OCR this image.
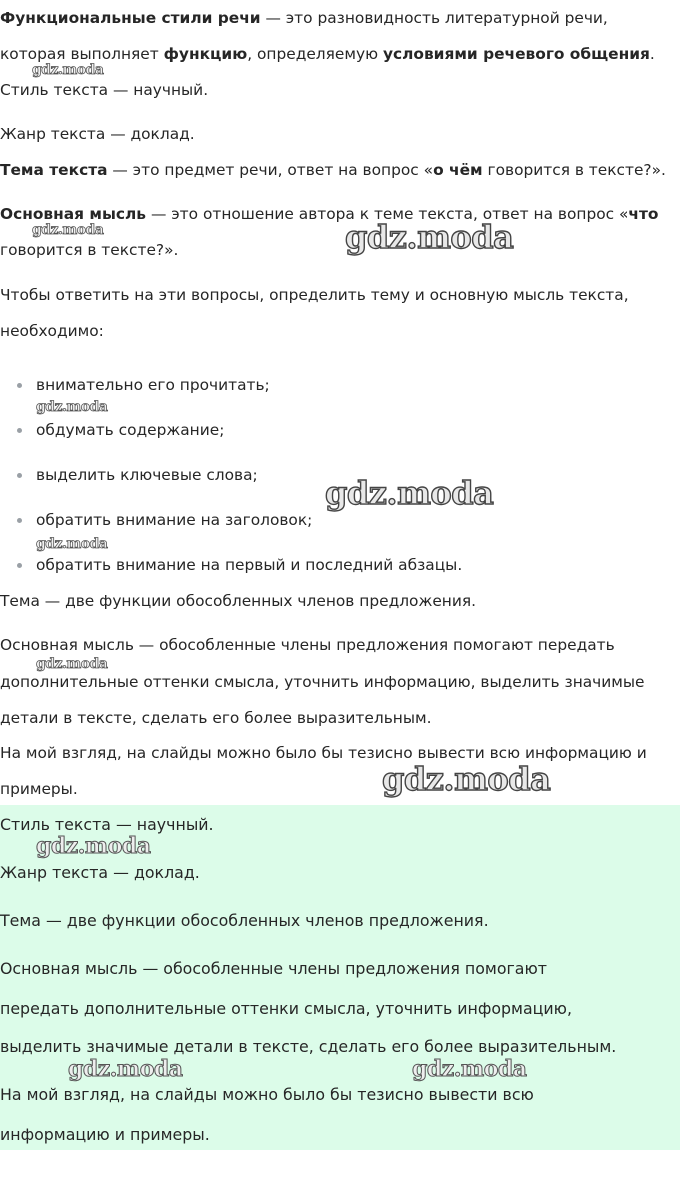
Функциональные стили речи — это разновидность литературной речи,
которая выполняет функцию, определяемую условиями речевого общения.
Стиль текста — научный.
Жанр текста — доклад.
Тема текста — это предмет речи, ответ на вопрос «о чём говорится в тексте?».
Основная мысль — это отношение автора к теме текста, ответ на вопрос «что
говорится в тексте?».
Чтобы ответить на эти вопросы, определить тему и основную мысль текста,
необходимо:
внимательно его прочитать;
обдумать содержание;
выделить ключевые слова;
обратить внимание на заголовок;
обратить внимание на первый и последний абзацы.
Тема — две функции обособленных членов предложения.
Основная мысль — обособленные члены предложения помогают передать
дополнительные оттенки смысла, уточнить информацию, выделить значимые
детали в тексте, сделать его более выразительным.
На мой взгляд, на слайды можно было бы тезисно вывести всю информацию и
примеры.
Стиль текста — научный.
Жанр текста — доклад.
Тема — две функции обособленных членов предложения.
Основная мысль — обособленные члены предложения помогают
передать дополнительные оттенки смысла, уточнить информацию,
выделить значимые детали в тексте, сделать его более выразительным.
На мой взгляд, на слайды можно было бы тезисно вывести всю
информацию и примеры.
gdz.moda
gdz.moda	gdz.moda
gdz.moda
gdz.moda
gdz.moda
gdz.moda
gdz.moda
gdz.moda
gdz.moda	gdz.moda
